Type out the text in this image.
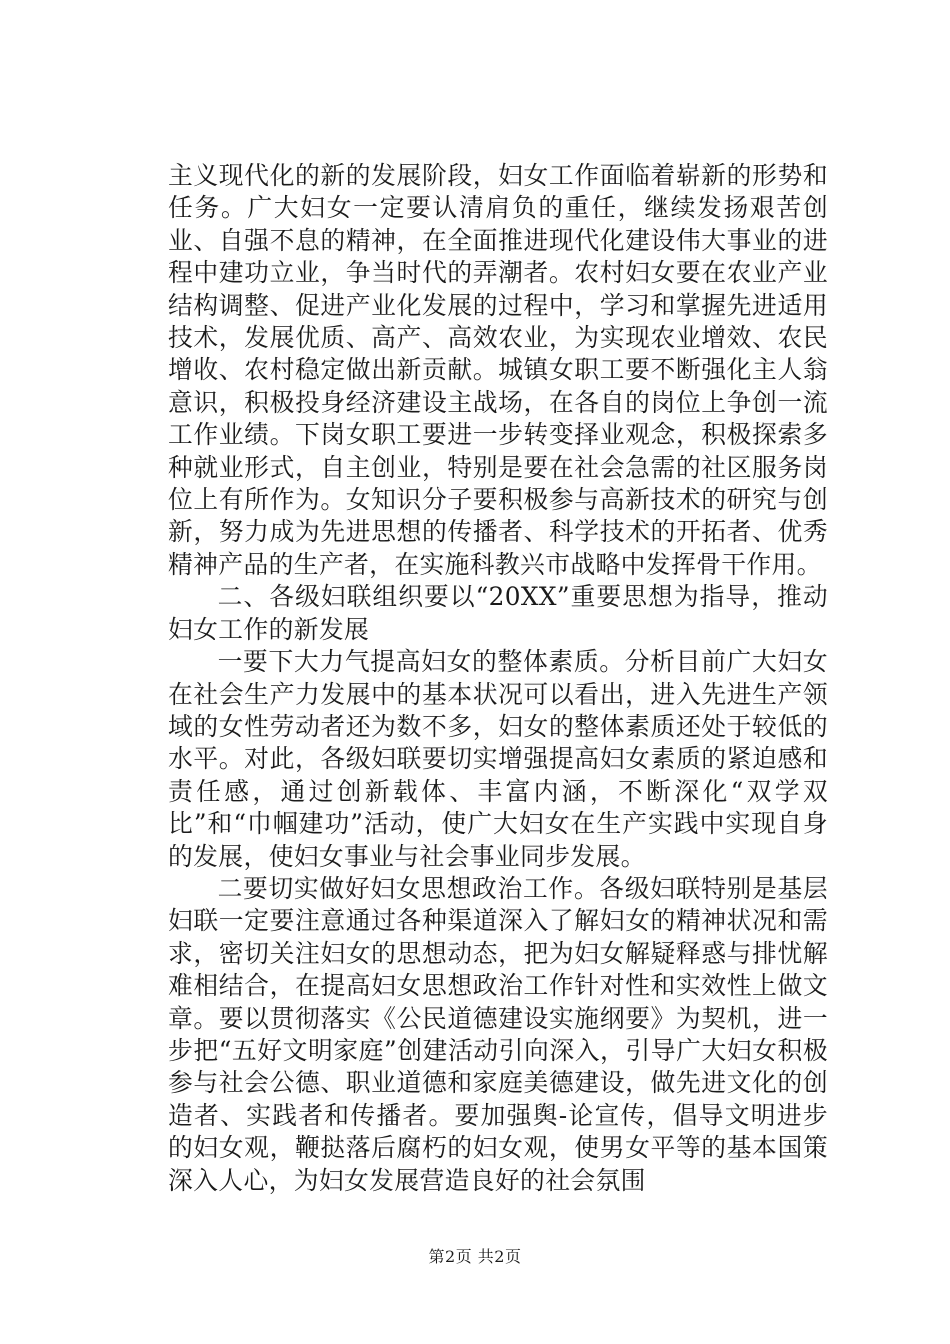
主义现代化的新的发展阶段，妇女工作面临着崭新的形势和任务。广大妇女一定要认清肩负的重任，继续发扬艰苦创业、自强不息的精神，在全面推进现代化建设伟大事业的进程中建功立业，争当时代的弄潮者。农村妇女要在农业产业结构调整、促进产业化发展的过程中，学习和掌握先进适用技术，发展优质、高产、高效农业，为实现农业增效、农民增收、农村稳定做出新贡献。城镇女职工要不断强化主人翁意识，积极投身经济建设主战场，在各自的岗位上争创一流工作业绩。下岗女职工要进一步转变择业观念，积极探索多种就业形式，自主创业，特别是要在社会急需的社区服务岗位上有所作为。女知识分子要积极参与高新技术的研究与创新，努力成为先进思想的传播者、科学技术的开拓者、优秀精神产品的生产者，在实施科教兴市战略中发挥骨干作用。

二、各级妇联组织要以“20XX”重要思想为指导，推动妇女工作的新发展

一要下大力气提高妇女的整体素质。分析目前广大妇女在社会生产力发展中的基本状况可以看出，进入先进生产领域的女性劳动者还为数不多，妇女的整体素质还处于较低的水平。对此，各级妇联要切实增强提高妇女素质的紧迫感和责任感，通过创新载体、丰富内涵，不断深化“双学双比”和“巾帼建功”活动，使广大妇女在生产实践中实现自身的发展，使妇女事业与社会事业同步发展。

二要切实做好妇女思想政治工作。各级妇联特别是基层妇联一定要注意通过各种渠道深入了解妇女的精神状况和需求，密切关注妇女的思想动态，把为妇女解疑释惑与排忧解难相结合，在提高妇女思想政治工作针对性和实效性上做文章。要以贯彻落实《公民道德建设实施纲要》为契机，进一步把“五好文明家庭”创建活动引向深入，引导广大妇女积极参与社会公德、职业道德和家庭美德建设，做先进文化的创造者、实践者和传播者。要加强舆-论宣传，倡导文明进步的妇女观，鞭挞落后腐朽的妇女观，使男女平等的基本国策深入人心，为妇女发展营造良好的社会氛围

第2页 共2页
